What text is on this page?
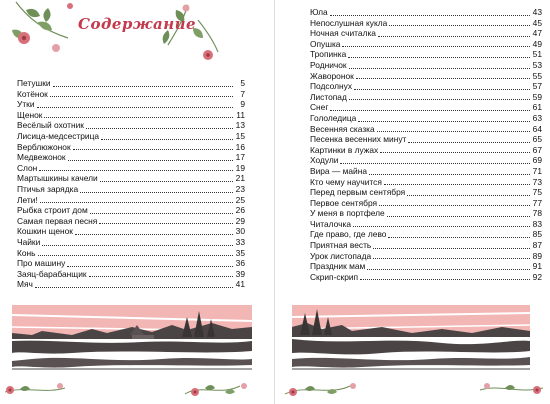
Содержание
Петушки	5
Котёнок	7
Утки	9
Щенок	11
Весёлый охотник	13
Лисица-медсестрица	15
Верблюжонок	16
Медвежонок	17
Слон	19
Мартышкины качели	21
Птичья зарядка	23
Лети!	25
Рыбка строит дом	26
Самая первая песня	29
Кошкин щенок	30
Чайки	33
Конь	35
Про машину	36
Заяц-барабанщик	39
Мяч	41
Юла	43
Непослушная кукла	45
Ночная считалка	47
Опушка	49
Тропинка	51
Родничок	53
Жаворонок	55
Подсолнух	57
Листопад	59
Снег	61
Гололедица	63
Весенняя сказка	64
Песенка весенних минут	65
Картинки в лужах	67
Ходули	69
Вира — майна	71
Кто чему научится	73
Перед первым сентября	75
Первое сентября	77
У меня в портфеле	78
Читалочка	83
Где право, где лево	85
Приятная весть	87
Урок листопада	89
Праздник мам	91
Скрип-скрип	92
